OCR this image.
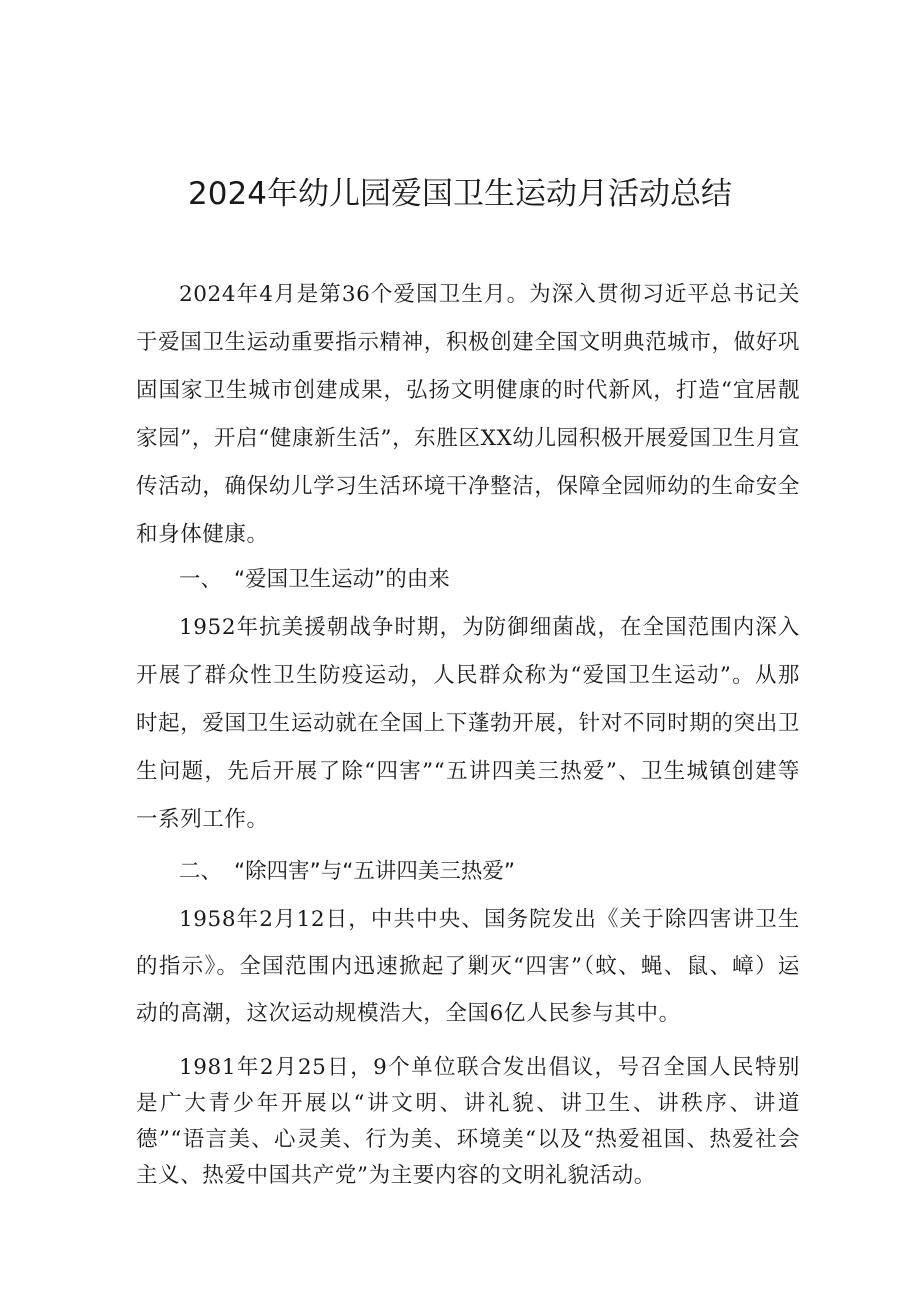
2024年幼儿园爱国卫生运动月活动总结

2024年4月是第36个爱国卫生月。为深入贯彻习近平总书记关于爱国卫生运动重要指示精神，积极创建全国文明典范城市，做好巩固国家卫生城市创建成果，弘扬文明健康的时代新风，打造“宜居靓家园”，开启“健康新生活”，东胜区XX幼儿园积极开展爱国卫生月宣传活动，确保幼儿学习生活环境干净整洁，保障全园师幼的生命安全和身体健康。

一、 “爱国卫生运动”的由来

1952年抗美援朝战争时期，为防御细菌战，在全国范围内深入开展了群众性卫生防疫运动，人民群众称为“爱国卫生运动”。从那时起，爱国卫生运动就在全国上下蓬勃开展，针对不同时期的突出卫生问题，先后开展了除“四害”“五讲四美三热爱”、卫生城镇创建等一系列工作。

二、 “除四害”与“五讲四美三热爱”

1958年2月12日，中共中央、国务院发出《关于除四害讲卫生的指示》。全国范围内迅速掀起了剿灭“四害”（蚊、蝇、鼠、嶂）运动的高潮，这次运动规模浩大，全国6亿人民参与其中。

1981年2月25日，9个单位联合发出倡议，号召全国人民特别是广大青少年开展以“讲文明、讲礼貌、讲卫生、讲秩序、讲道德”“语言美、心灵美、行为美、环境美“以及“热爱祖国、热爱社会主义、热爱中国共产党”为主要内容的文明礼貌活动。
